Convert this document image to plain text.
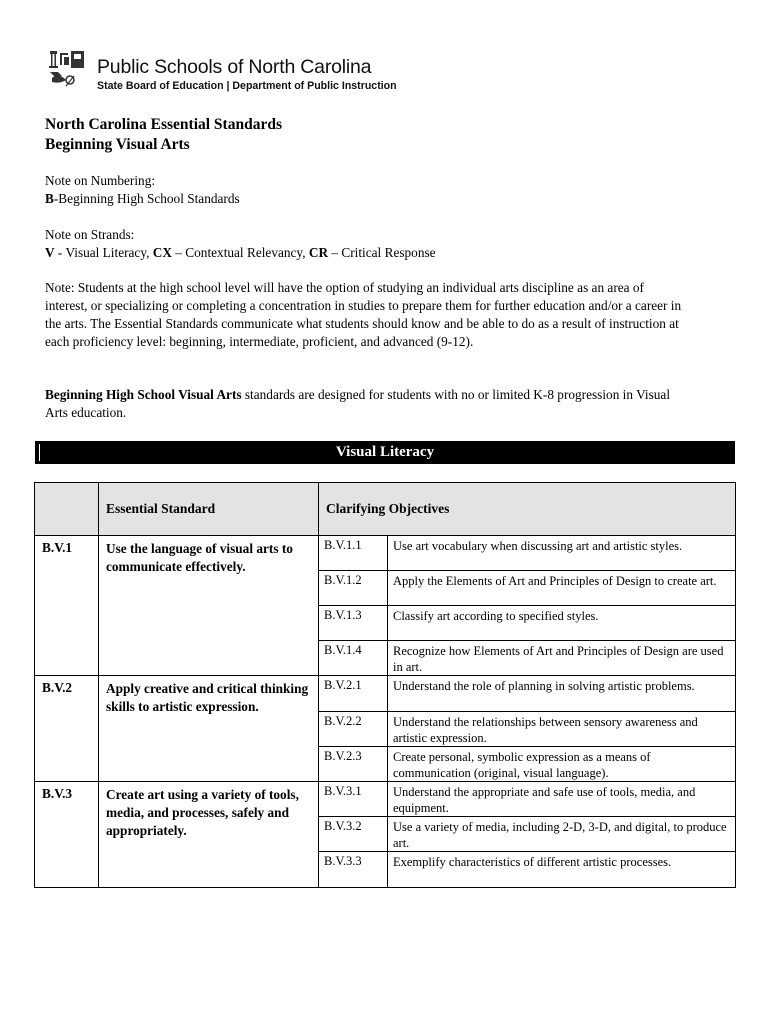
Public Schools of North Carolina
State Board of Education | Department of Public Instruction
North Carolina Essential Standards
Beginning Visual Arts
Note on Numbering:
B-Beginning High School Standards
Note on Strands:
V - Visual Literacy, CX – Contextual Relevancy, CR – Critical Response
Note: Students at the high school level will have the option of studying an individual arts discipline as an area of interest, or specializing or completing a concentration in studies to prepare them for further education and/or a career in the arts. The Essential Standards communicate what students should know and be able to do as a result of instruction at each proficiency level: beginning, intermediate, proficient, and advanced (9-12).
Beginning High School Visual Arts standards are designed for students with no or limited K-8 progression in Visual Arts education.
Visual Literacy
	Essential Standard	Clarifying Objectives	
B.V.1	Use the language of visual arts to communicate effectively.	B.V.1.1	Use art vocabulary when discussing art and artistic styles.
		B.V.1.2	Apply the Elements of Art and Principles of Design to create art.
		B.V.1.3	Classify art according to specified styles.
		B.V.1.4	Recognize how Elements of Art and Principles of Design are used in art.
B.V.2	Apply creative and critical thinking skills to artistic expression.	B.V.2.1	Understand the role of planning in solving artistic problems.
		B.V.2.2	Understand the relationships between sensory awareness and artistic expression.
		B.V.2.3	Create personal, symbolic expression as a means of communication (original, visual language).
B.V.3	Create art using a variety of tools, media, and processes, safely and appropriately.	B.V.3.1	Understand the appropriate and safe use of tools, media, and equipment.
		B.V.3.2	Use a variety of media, including 2-D, 3-D, and digital, to produce art.
		B.V.3.3	Exemplify characteristics of different artistic processes.
